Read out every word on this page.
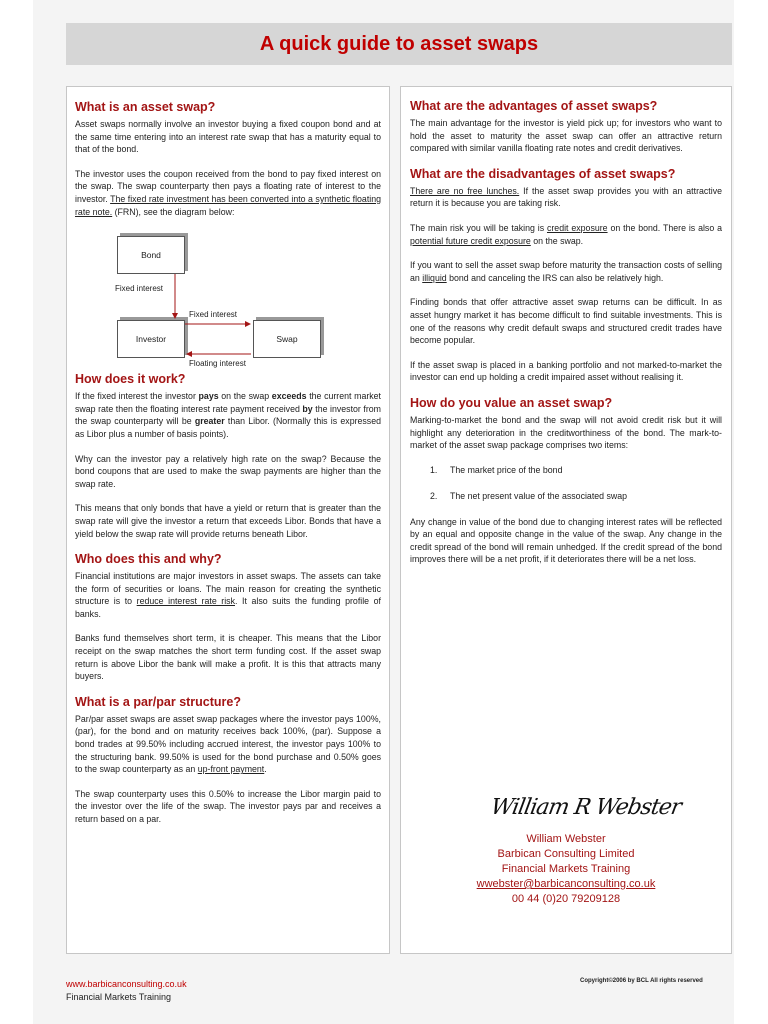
A quick guide to asset swaps
What is an asset swap?

Asset swaps normally involve an investor buying a fixed coupon bond and at the same time entering into an interest rate swap that has a maturity equal to that of the bond.

The investor uses the coupon received from the bond to pay fixed interest on the swap. The swap counterparty then pays a floating rate of interest to the investor. The fixed rate investment has been converted into a synthetic floating rate note. (FRN), see the diagram below:

Bond
Fixed interest
Investor	Swap
Fixed interest
Floating interest
How does it work?

If the fixed interest the investor pays on the swap exceeds the current market swap rate then the floating interest rate payment received by the investor from the swap counterparty will be greater than Libor. (Normally this is expressed as Libor plus a number of basis points).

Why can the investor pay a relatively high rate on the swap? Because the bond coupons that are used to make the swap payments are higher than the swap rate.

This means that only bonds that have a yield or return that is greater than the swap rate will give the investor a return that exceeds Libor. Bonds that have a yield below the swap rate will provide returns beneath Libor.

Who does this and why?

Financial institutions are major investors in asset swaps. The assets can take the form of securities or loans. The main reason for creating the synthetic structure is to reduce interest rate risk. It also suits the funding profile of banks.

Banks fund themselves short term, it is cheaper. This means that the Libor receipt on the swap matches the short term funding cost. If the asset swap return is above Libor the bank will make a profit. It is this that attracts many buyers.

What is a par/par structure?

Par/par asset swaps are asset swap packages where the investor pays 100%, (par), for the bond and on maturity receives back 100%, (par). Suppose a bond trades at 99.50% including accrued interest, the investor pays 100% to the structuring bank. 99.50% is used for the bond purchase and 0.50% goes to the swap counterparty as an up-front payment.

The swap counterparty uses this 0.50% to increase the Libor margin paid to the investor over the life of the swap. The investor pays par and receives a return based on a par.

What are the advantages of asset swaps?

The main advantage for the investor is yield pick up; for investors who want to hold the asset to maturity the asset swap can offer an attractive return compared with similar vanilla floating rate notes and credit derivatives.

What are the disadvantages of asset swaps?

There are no free lunches. If the asset swap provides you with an attractive return it is because you are taking risk.

The main risk you will be taking is credit exposure on the bond. There is also a potential future credit exposure on the swap.

If you want to sell the asset swap before maturity the transaction costs of selling an illiquid bond and canceling the IRS can also be relatively high.

Finding bonds that offer attractive asset swap returns can be difficult. In as asset hungry market it has become difficult to find suitable investments. This is one of the reasons why credit default swaps and structured credit trades have become popular.

If the asset swap is placed in a banking portfolio and not marked-to-market the investor can end up holding a credit impaired asset without realising it.

How do you value an asset swap?

Marking-to-market the bond and the swap will not avoid credit risk but it will highlight any deterioration in the creditworthiness of the bond. The mark-to-market of the asset swap package comprises two items:

1. The market price of the bond
2. The net present value of the associated swap

Any change in value of the bond due to changing interest rates will be reflected by an equal and opposite change in the value of the swap. Any change in the credit spread of the bond will remain unhedged. If the credit spread of the bond improves there will be a net profit, if it deteriorates there will be a net loss.

William R Webster
William Webster
Barbican Consulting Limited
Financial Markets Training
wwebster@barbicanconsulting.co.uk
00 44 (0)20 79209128
www.barbicanconsulting.co.uk
Financial Markets Training
Copyright©2006 by BCL All rights reserved
